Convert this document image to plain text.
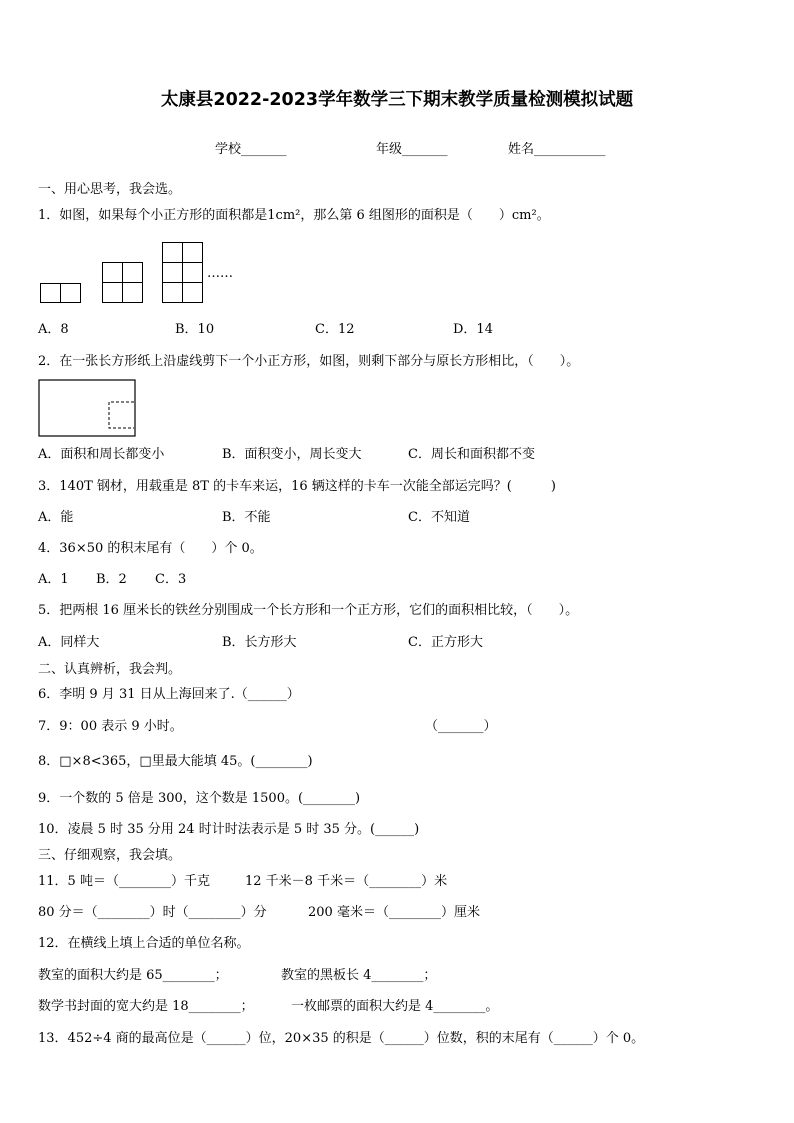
太康县2022-2023学年数学三下期末教学质量检测模拟试题
学校_______	年级_______	姓名___________
一、用心思考，我会选。
1．如图，如果每个小正方形的面积都是1cm²，那么第 6 组图形的面积是（　　）cm²。
……
A．8	B．10	C．12	D．14
2．在一张长方形纸上沿虚线剪下一个小正方形，如图，则剩下部分与原长方形相比，（　　）。
A．面积和周长都变小	B．面积变小，周长变大	C．周长和面积都不变
3．140T 钢材，用载重是 8T 的卡车来运，16 辆这样的卡车一次能全部运完吗？(　　　)
A．能	B．不能	C．不知道
4．36×50 的积末尾有（　　）个 0。
A．1 B．2 C．3
5．把两根 16 厘米长的铁丝分别围成一个长方形和一个正方形，它们的面积相比较，（　　）。
A．同样大	B．长方形大	C．正方形大
二、认真辨析，我会判。
6．李明 9 月 31 日从上海回来了.（______）
7．9：00 表示 9 小时。	（_______）
8．□×8<365，□里最大能填 45。(________)
9．一个数的 5 倍是 300，这个数是 1500。(________)
10．凌晨 5 时 35 分用 24 时计时法表示是 5 时 35 分。(______)
三、仔细观察，我会填。
11．5 吨＝（________）千克	12 千米－8 千米＝（________）米
80 分＝（________）时（________）分	200 毫米＝（________）厘米
12．在横线上填上合适的单位名称。
教室的面积大约是 65________；	教室的黑板长 4________；
数学书封面的宽大约是 18________；	一枚邮票的面积大约是 4________。
13．452÷4 商的最高位是（______）位，20×35 的积是（______）位数，积的末尾有（______）个 0。
